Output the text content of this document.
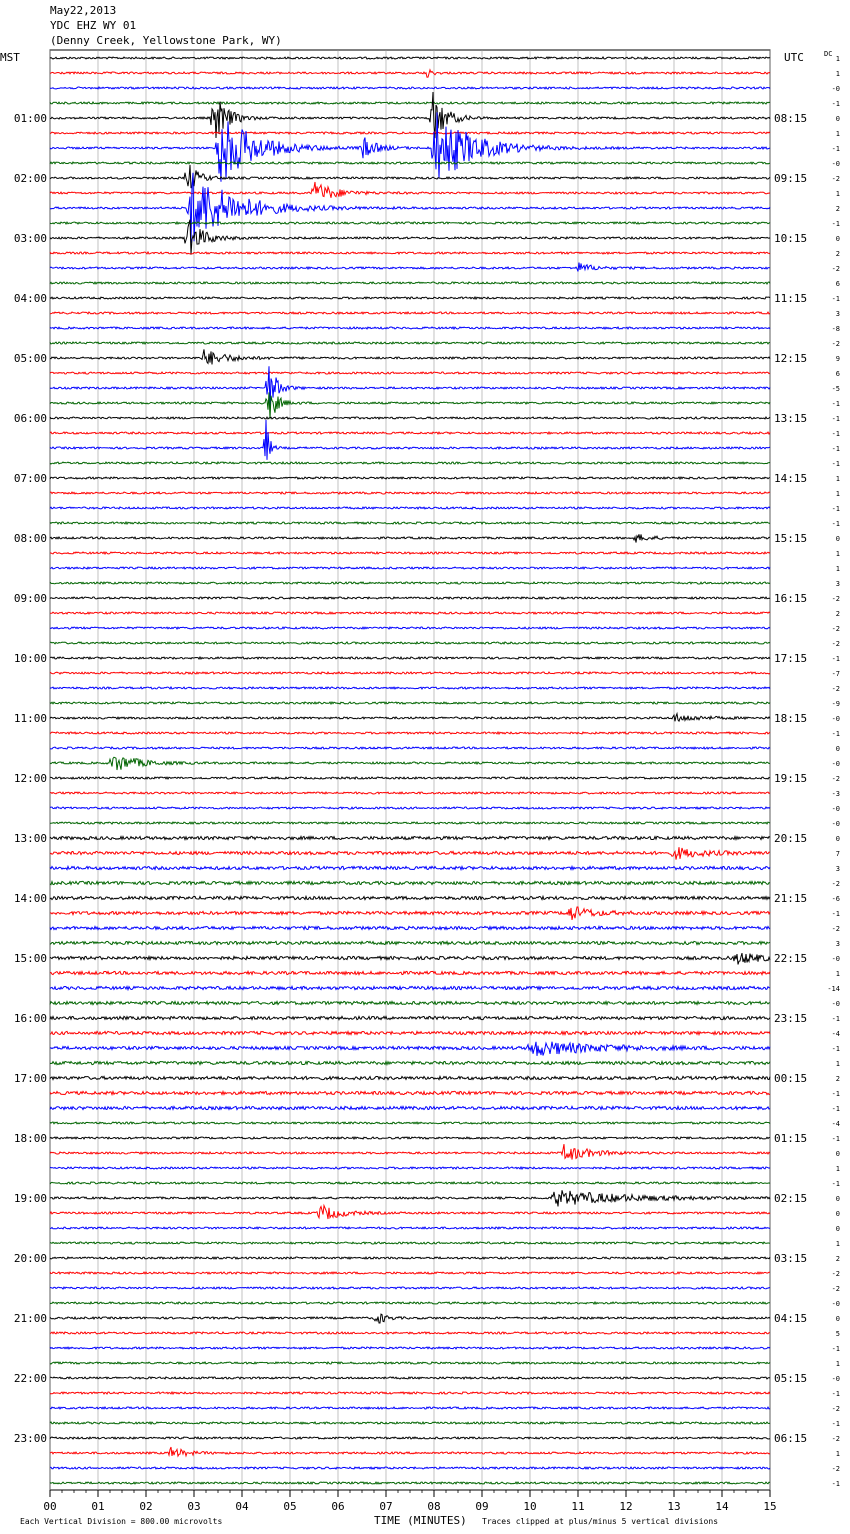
May22,2013
YDC EHZ WY 01
(Denny Creek, Yellowstone Park, WY)
MST	UTC	DC
TIME (MINUTES)
Each Vertical Division = 800.00 microvolts	Traces clipped at plus/minus 5 vertical divisions
00	01	02	03	04	05	06	07	08	09	10	11	12	13	14	15
1
1
-0
-1
0
01:00	08:15
1
-1
-0
-2
02:00	09:15
1
2
-1
0
03:00	10:15
2
-2
6
-1
04:00	11:15
3
-8
-2
9
05:00	12:15
6
-5
-1
-1
06:00	13:15
-1
-1
-1
1
07:00	14:15
1
-1
-1
0
08:00	15:15
1
1
3
-2
09:00	16:15
2
-2
-2
-1
10:00	17:15
-7
-2
-9
-0
11:00	18:15
-1
0
-0
-2
12:00	19:15
-3
-0
-0
0
13:00	20:15
7
3
-2
-6
14:00	21:15
-1
-2
3
-0
15:00	22:15
1
-14
-0
-1
16:00	23:15
-4
-1
1
2
17:00	00:15
-1
-1
-4
-1
18:00	01:15
0
1
-1
0
19:00	02:15
0
0
1
2
20:00	03:15
-2
-2
-0
0
21:00	04:15
5
-1
1
-0
22:00	05:15
-1
-2
-1
-2
23:00	06:15
1
-2
-1
